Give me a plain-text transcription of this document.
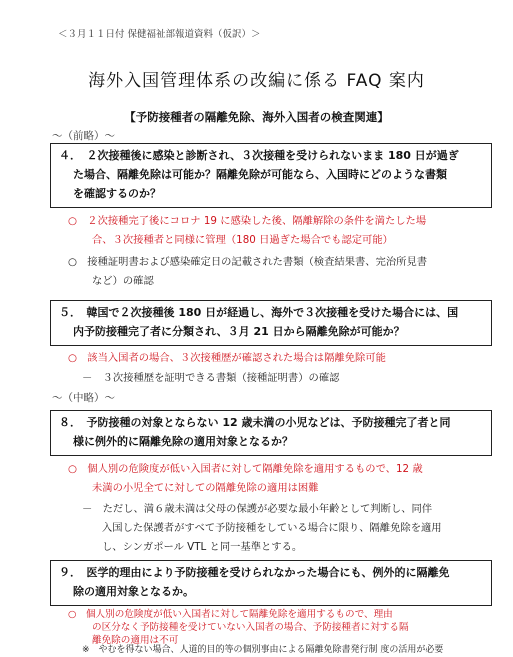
＜３月１１日付 保健福祉部報道資料（仮訳）＞
海外入国管理体系の改編に係る FAQ 案内
【予防接種者の隔離免除、海外入国者の検査関連】
～（前略）～
４．　２次接種後に感染と診断され、３次接種を受けられないまま 180 日が過ぎ
た場合、隔離免除は可能か？隔離免除が可能なら、入国時にどのような書類
を確認するのか？
○　２次接種完了後にコロナ 19 に感染した後、隔離解除の条件を満たした場
合、３次接種者と同様に管理（180 日過ぎた場合でも認定可能）
○　接種証明書および感染確定日の記載された書類（検査結果書、完治所見書
など）の確認
５．　韓国で２次接種後 180 日が経過し、海外で３次接種を受けた場合には、国
内予防接種完了者に分類され、３月 21 日から隔離免除が可能か？
○　該当入国者の場合、３次接種歴が確認された場合は隔離免除可能
－　３次接種歴を証明できる書類（接種証明書）の確認
～（中略）～
８．　予防接種の対象とならない 12 歳未満の小児などは、予防接種完了者と同
様に例外的に隔離免除の適用対象となるか？
○　個人別の危険度が低い入国者に対して隔離免除を適用するもので、12 歳
未満の小児全てに対しての隔離免除の適用は困難
－　ただし、満６歳未満は父母の保護が必要な最小年齢として判断し、同伴
入国した保護者がすべて予防接種をしている場合に限り、隔離免除を適用
し、シンガポール VTL と同一基準とする。
９．　医学的理由により予防接種を受けられなかった場合にも、例外的に隔離免
除の適用対象となるか。
○　個人別の危険度が低い入国者に対して隔離免除を適用するもので、理由
の区分なく予防接種を受けていない入国者の場合、予防接種者に対する隔
離免除の適用は不可
※　やむを得ない場合、人道的目的等の個別事由による隔離免除書発行制 度の活用が必要
